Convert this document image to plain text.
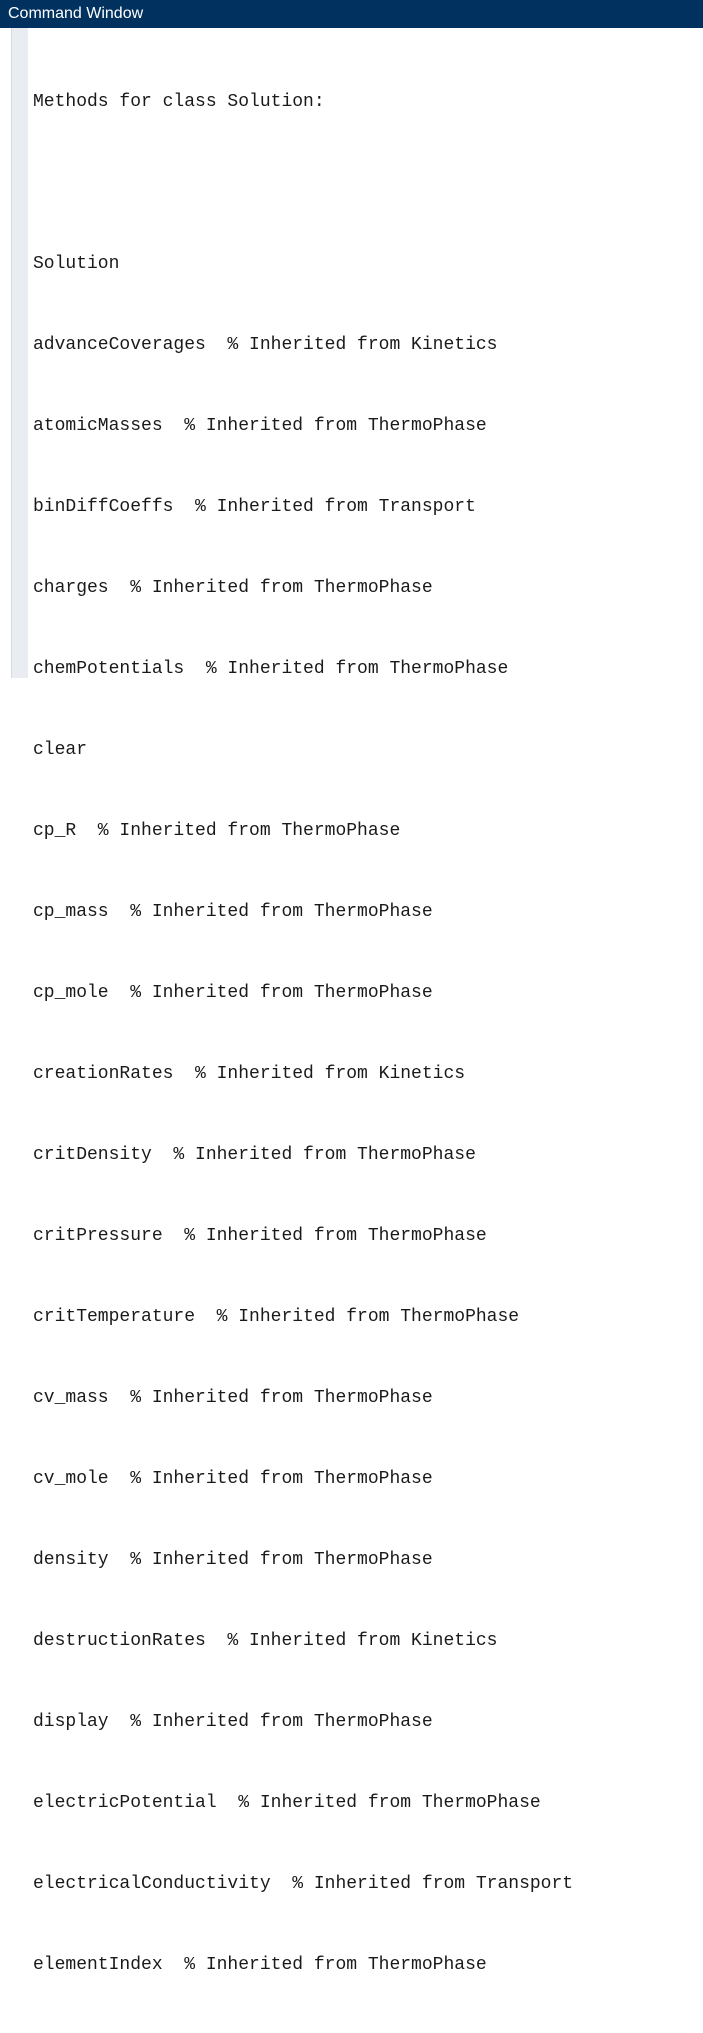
Command Window

Methods for class Solution:

Solution

advanceCoverages  % Inherited from Kinetics

atomicMasses  % Inherited from ThermoPhase

binDiffCoeffs  % Inherited from Transport

charges  % Inherited from ThermoPhase

chemPotentials  % Inherited from ThermoPhase

clear

cp_R  % Inherited from ThermoPhase

cp_mass  % Inherited from ThermoPhase

cp_mole  % Inherited from ThermoPhase

creationRates  % Inherited from Kinetics

critDensity  % Inherited from ThermoPhase

critPressure  % Inherited from ThermoPhase

critTemperature  % Inherited from ThermoPhase

cv_mass  % Inherited from ThermoPhase

cv_mole  % Inherited from ThermoPhase

density  % Inherited from ThermoPhase

destructionRates  % Inherited from Kinetics

display  % Inherited from ThermoPhase

electricPotential  % Inherited from ThermoPhase

electricalConductivity  % Inherited from Transport

elementIndex  % Inherited from ThermoPhase
